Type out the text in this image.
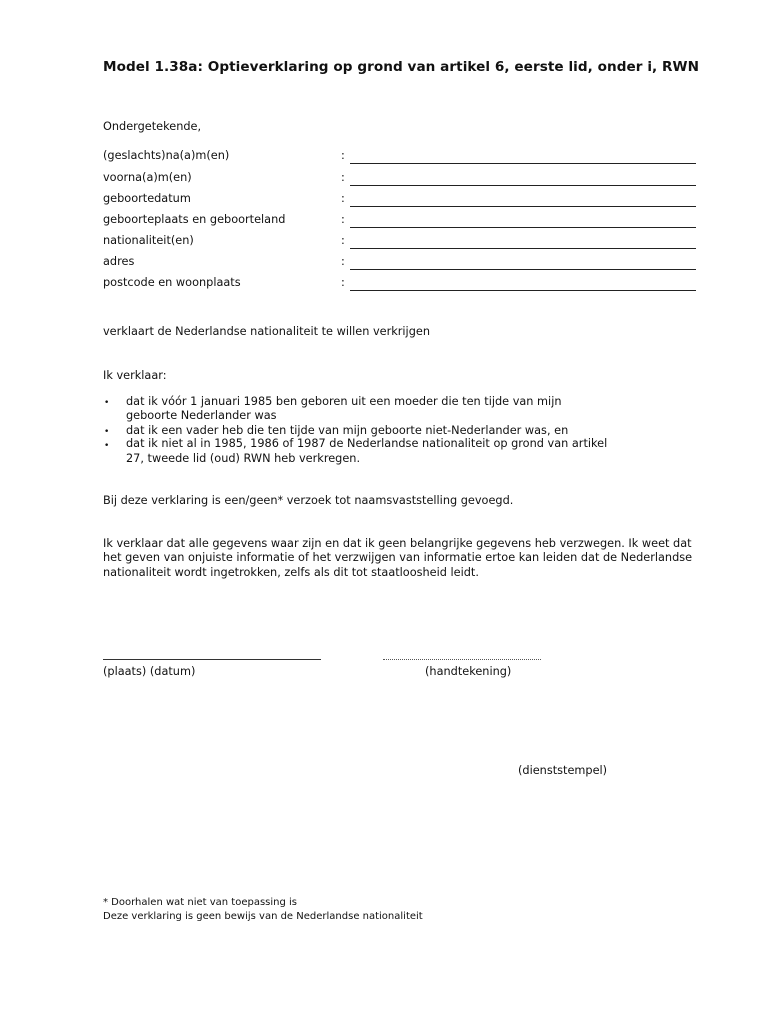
Model 1.38a: Optieverklaring op grond van artikel 6, eerste lid, onder i, RWN
Ondergetekende,
(geslachts)na(a)m(en)	:
voorna(a)m(en)	:
geboortedatum	:
geboorteplaats en geboorteland	:
nationaliteit(en)	:
adres	:
postcode en woonplaats	:
verklaart de Nederlandse nationaliteit te willen verkrijgen
Ik verklaar:
• dat ik vóór 1 januari 1985 ben geboren uit een moeder die ten tijde van mijn
geboorte Nederlander was
• dat ik een vader heb die ten tijde van mijn geboorte niet-Nederlander was, en
• dat ik niet al in 1985, 1986 of 1987 de Nederlandse nationaliteit op grond van artikel
27, tweede lid (oud) RWN heb verkregen.
Bij deze verklaring is een/geen* verzoek tot naamsvaststelling gevoegd.
Ik verklaar dat alle gegevens waar zijn en dat ik geen belangrijke gegevens heb verzwegen. Ik weet dat
het geven van onjuiste informatie of het verzwijgen van informatie ertoe kan leiden dat de Nederlandse
nationaliteit wordt ingetrokken, zelfs als dit tot staatloosheid leidt.
(plaats) (datum)	(handtekening)
(dienststempel)
* Doorhalen wat niet van toepassing is
Deze verklaring is geen bewijs van de Nederlandse nationaliteit
